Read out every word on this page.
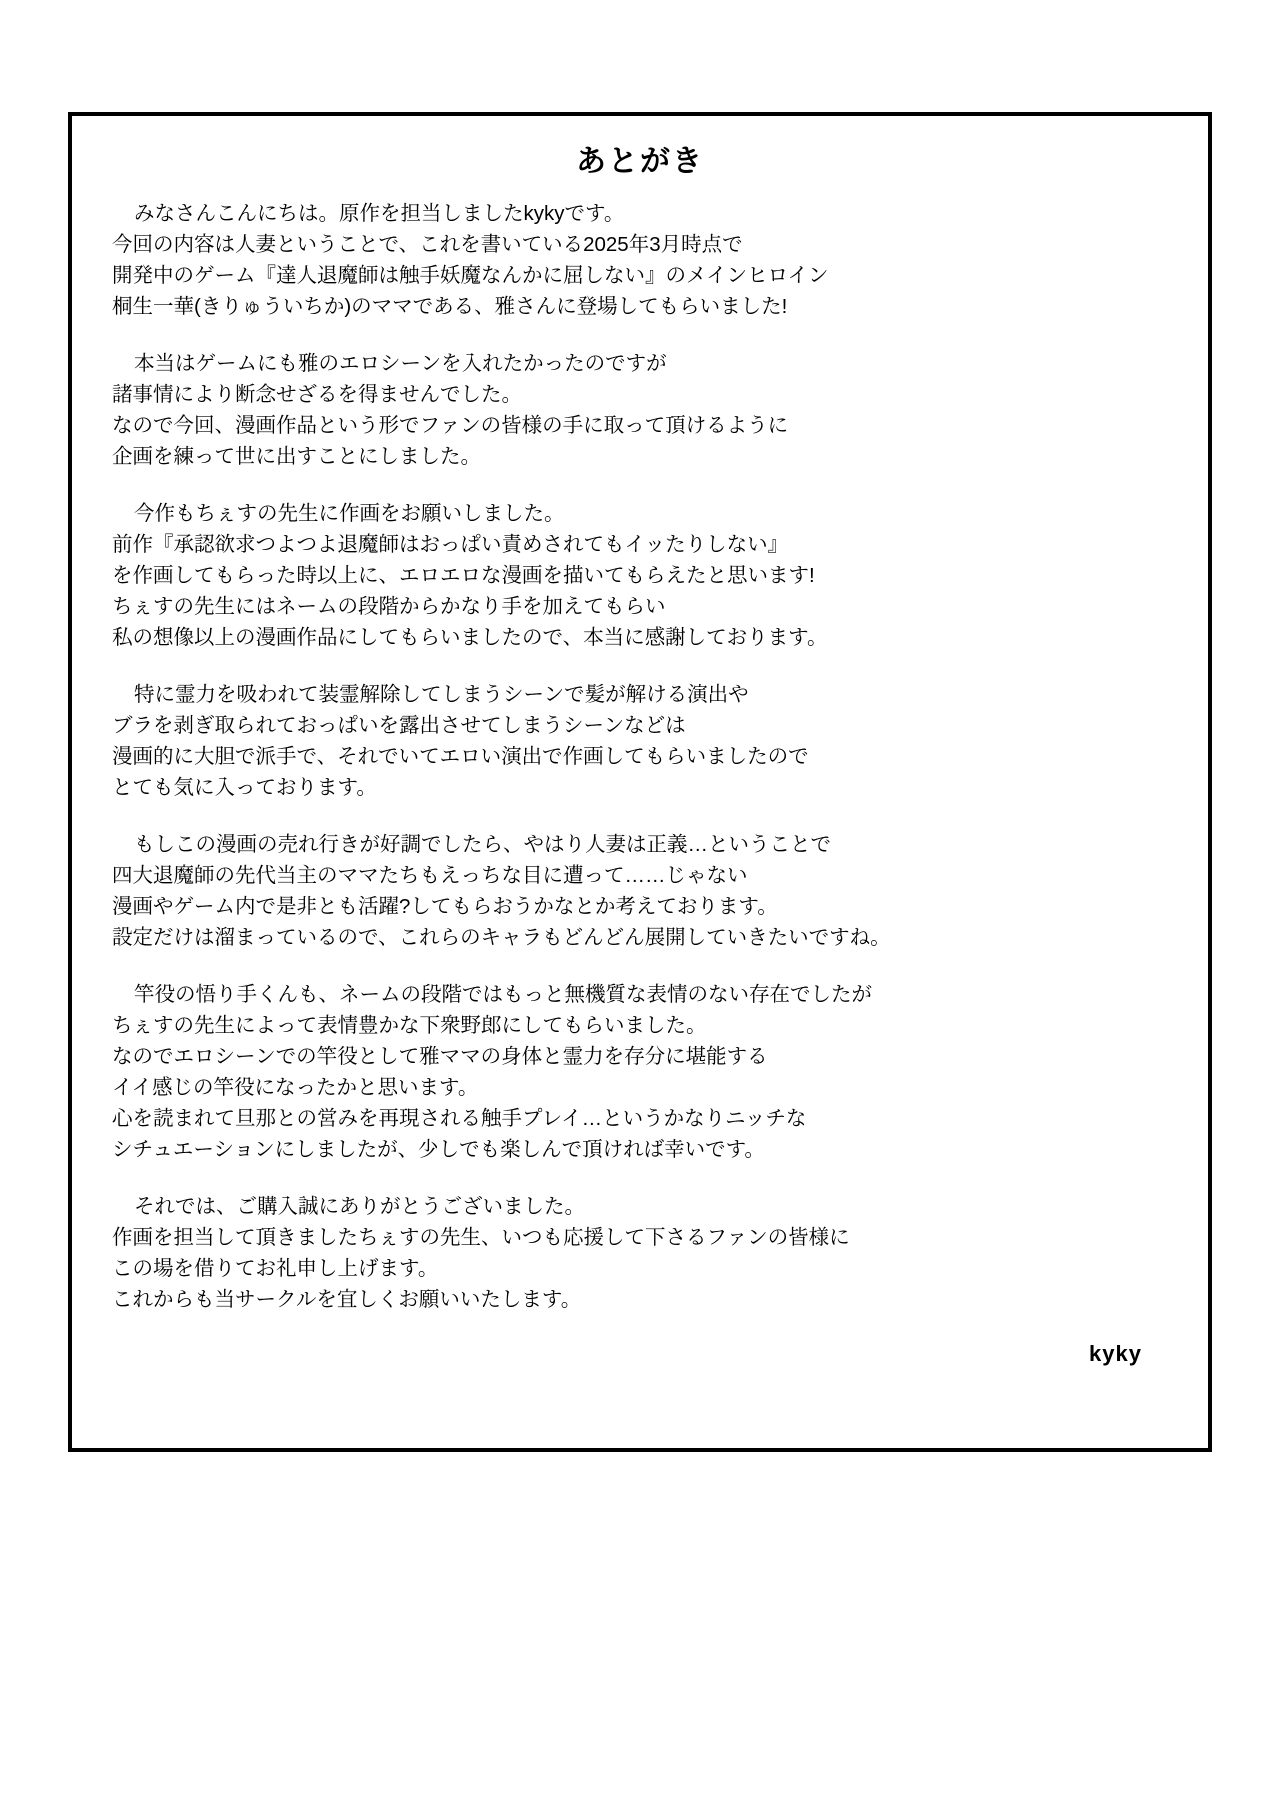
あとがき
みなさんこんにちは。原作を担当しましたkykyです。
今回の内容は人妻ということで、これを書いている2025年3月時点で
開発中のゲーム『達人退魔師は触手妖魔なんかに屈しない』のメインヒロイン
桐生一華(きりゅういちか)のママである、雅さんに登場してもらいました!
本当はゲームにも雅のエロシーンを入れたかったのですが
諸事情により断念せざるを得ませんでした。
なので今回、漫画作品という形でファンの皆様の手に取って頂けるように
企画を練って世に出すことにしました。
今作もちぇすの先生に作画をお願いしました。
前作『承認欲求つよつよ退魔師はおっぱい責めされてもイッたりしない』
を作画してもらった時以上に、エロエロな漫画を描いてもらえたと思います!
ちぇすの先生にはネームの段階からかなり手を加えてもらい
私の想像以上の漫画作品にしてもらいましたので、本当に感謝しております。
特に霊力を吸われて装霊解除してしまうシーンで髪が解ける演出や
ブラを剥ぎ取られておっぱいを露出させてしまうシーンなどは
漫画的に大胆で派手で、それでいてエロい演出で作画してもらいましたので
とても気に入っております。
もしこの漫画の売れ行きが好調でしたら、やはり人妻は正義…ということで
四大退魔師の先代当主のママたちもえっちな目に遭って……じゃない
漫画やゲーム内で是非とも活躍?してもらおうかなとか考えております。
設定だけは溜まっているので、これらのキャラもどんどん展開していきたいですね。
竿役の悟り手くんも、ネームの段階ではもっと無機質な表情のない存在でしたが
ちぇすの先生によって表情豊かな下衆野郎にしてもらいました。
なのでエロシーンでの竿役として雅ママの身体と霊力を存分に堪能する
イイ感じの竿役になったかと思います。
心を読まれて旦那との営みを再現される触手プレイ…というかなりニッチな
シチュエーションにしましたが、少しでも楽しんで頂ければ幸いです。
それでは、ご購入誠にありがとうございました。
作画を担当して頂きましたちぇすの先生、いつも応援して下さるファンの皆様に
この場を借りてお礼申し上げます。
これからも当サークルを宜しくお願いいたします。
kyky
